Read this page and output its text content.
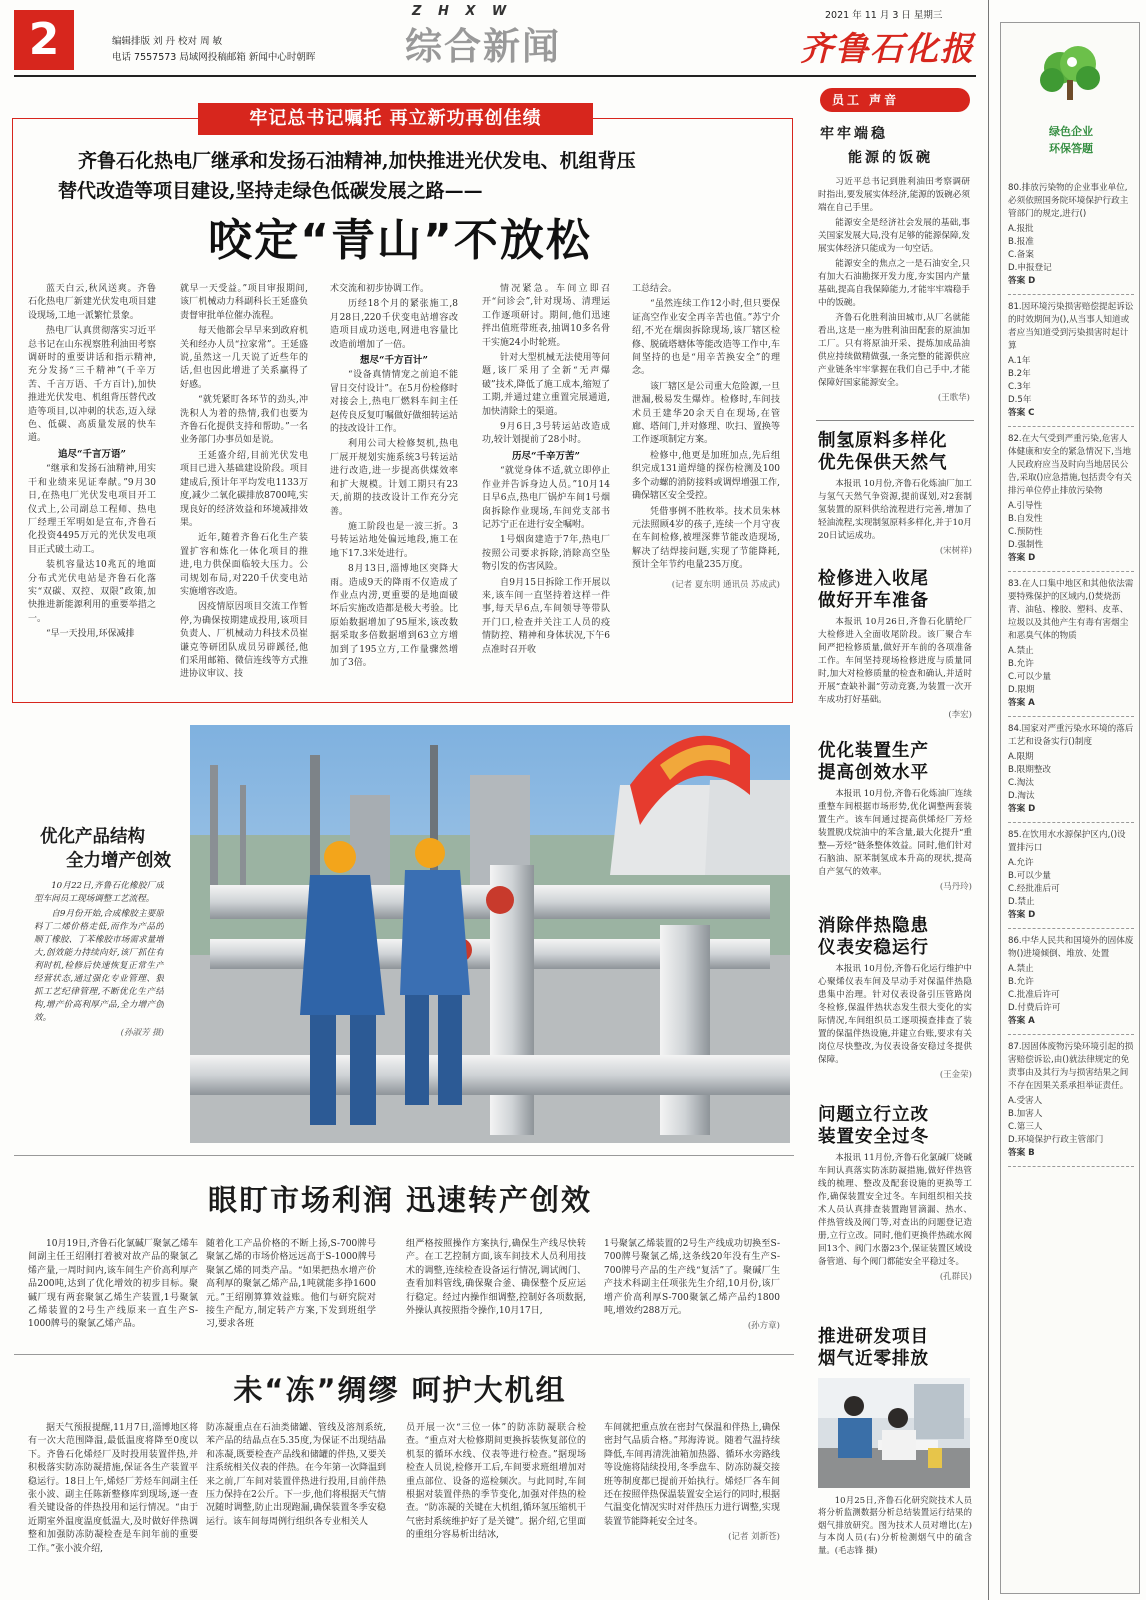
2	编辑排版 刘 丹 校对 周 敏
电话 7557573 局域网投稿邮箱 新闻中心时朝晖
Z H X W
综合新闻
2021 年 11 月 3 日 星期三
齐鲁石化报
牢记总书记嘱托 再立新功再创佳绩
齐鲁石化热电厂继承和发扬石油精神,加快推进光伏发电、机组背压
替代改造等项目建设,坚持走绿色低碳发展之路——
咬定“青山”不放松

蓝天白云,秋风送爽。齐鲁石化热电厂新建光伏发电项目建设现场,工地一派繁忙景象。

热电厂认真贯彻落实习近平总书记在山东视察胜利油田考察调研时的重要讲话和指示精神,充分发扬“三千精神”(千辛万苦、千言万语、千方百计),加快推进光伏发电、机组背压替代改造等项目,以冲刺的状态,迈入绿色、低碳、高质量发展的快车道。

追尽“千言万语”

“继承和发扬石油精神,用实干和业绩来见证奉献。”9月30日,在热电厂光伏发电项目开工仪式上,公司副总工程师、热电厂经理王军明如是宣布,齐鲁石化投资4495万元的光伏发电项目正式破土动工。

装机容量达10兆瓦的地面分布式光伏电站是齐鲁石化落实“双碳、双控、双限”政策,加快推进新能源利用的重要举措之一。

“早一天投用,环保减排

就早一天受益。”项目审报期间,该厂机械动力科副科长王延盛负责督审批单位催办流程。

每天他都会早早来到政府机关和经办人员“拉家常”。王延盛说,虽然这一几天说了近些年的话,但也因此增进了关系赢得了好感。

“就凭紧盯各环节的劲头,冲洗积人为着的热情,我们也要为齐鲁石化提供支持和帮助。”一名业务部门办事员如是说。

王延盛介绍,目前光伏发电项目已进入基础建设阶段。项目建成后,预计年平均发电1133万度,减少二氧化碳排放8700吨,实现良好的经济效益和环境减排效果。

近年,随着齐鲁石化生产装置扩容和炼化一体化项目的推进,电力供保面临较大压力。公司规划布局,对220千伏变电站实施增容改造。

因疫情原因项目交流工作暂停,为确保按期建成投用,该项目负责人、厂机械动力科技术员崔谦克等研团队成员另辟蹊径,他们采用邮箱、微信连线等方式推进协议审议、技

术交流和初步协调工作。

历经18个月的紧张施工,8月28日,220千伏变电站增容改造项目成功送电,网进电容量比改造前增加了一倍。

想尽“千方百计”

“设备真情情宠之前追不能冒日交付设计”。在5月份检修时对接会上,热电厂燃料车间主任赵传良反复叮嘱做好做细转运站的技改设计工作。

利用公司大检修契机,热电厂展开规划实施系统3号转运站进行改造,进一步提高供煤效率和扩大规模。计划工期只有23天,前期的技改设计工作充分完善。

施工阶段也是一波三折。3号转运站地处偏远地段,施工在地下17.3米处进行。

8月13日,淄博地区突降大雨。造成9天的降雨不仅造成了作业点内涝,更重要的是地面破坏后实施改造都是极大考验。比原始数据增加了95厘米,该改数据采取多倍数据增到63立方增加到了195立方,工作量骤然增加了3倍。

情况紧急。车间立即召开“问诊会”,针对现场、清理运工作逐项研讨。期间,他们迅速拌出值班带班表,抽调10多名骨干实施24小时轮班。

针对大型机械无法使用等问题,该厂采用了全新“无声爆破”技术,降低了施工成本,缩短了工期,并通过建立重置完展通道,加快清除土的渠道。

9月6日,3号转运站改造成功,较计划提前了28小时。

历尽“千辛万苦”

“就觉身体不适,就立即停止作业并告诉身边人员。”10月14日早6点,热电厂锅炉车间1号烟囱拆除作业现场,车间党支部书记苏宁正在进行安全嘱咐。

1号烟囱建造于7年,热电厂按照公司要求拆除,消除高空坠物引发的伤害风险。

自9月15日拆除工作开展以来,该车间一直坚持着这样一件事,每天早6点,车间领导等带队开门口,检查并关注工人员的疫情防控、精神和身体状况,下午6点准时召开收

工总结会。

“虽然连续工作12小时,但只要保证高空作业安全再辛苦也值。”苏宁介绍,不光在烟囱拆除现场,该厂辖区检修、脱硫塔塘体等能改造等工作中,车间坚持的也是“用辛苦换安全”的理念。

该厂辖区是公司重大危险源,一旦泄漏,极易发生爆炸。检修时,车间技术员王建华20余天自在现场,在管廊、塔间门,并对修理、吹扫、置换等工作逐项制定方案。

检修中,他更是加班加点,先后组织完成131道焊缝的探伤检测及100多个动螺的消防接料或调焊增强工作,确保辖区安全受控。

凭借事例不胜枚举。技术员朱林元法照顾4岁的孩子,连续一个月守夜在车间检修,被埋深葬节能改造现场,解决了结焊接问题,实现了节能降耗,预计全年节约电量235万度。

(记者 夏东明 通讯员 苏成武)

员工 声音
牢牢端稳
能源的饭碗

习近平总书记到胜利油田考察调研时指出,要发展实体经济,能源的饭碗必须端在自己手里。

能源安全是经济社会发展的基础,事关国家发展大局,没有足够的能源保障,发展实体经济只能成为一句空话。

能源安全的焦点之一是石油安全,只有加大石油勘探开发力度,夯实国内产量基础,提高自我保障能力,才能牢牢端稳手中的饭碗。

齐鲁石化胜利油田城市,从厂名就能看出,这是一座为胜利油田配套的原油加工厂。只有将原油开采、提炼加成品油供应持续做精做强,一条完整的能源供应产业链条牢牢掌握在我们自己手中,才能保障好国家能源安全。

(王歌华)

制氢原料多样化
优先保供天然气

本报讯 10月份,齐鲁石化炼油厂加工与氢气天然气争资源,提前谋划,对2套制氢装置的原料供给流程进行完善,增加了轻油流程,实现制氢原料多样化,并于10月20日试运成功。

(宋树祥)

检修进入收尾
做好开车准备

本报讯 10月26日,齐鲁石化腈纶厂大检修进入全面收尾阶段。该厂聚合车间严把检修质量,做好开车前的各项准备工作。车间坚持现场检修进度与质量同时,加大对检修质量的检查和确认,并适时开展“查缺补漏”劳动竞赛,为装置一次开车成功打好基础。

(李宏)

优化装置生产
提高创效水平

本报讯 10月份,齐鲁石化炼油厂连续重整车间根据市场形势,优化调整两套装置生产。该车间通过提高供烯烃厂芳烃装置脱戊烷油中的苯含量,最大化提升“重整—芳烃”链条整体效益。同时,他们针对石脑油、原苯制氢成本升高的现状,提高自产氢气的效率。

(马丹玲)

消除伴热隐患
仪表安稳运行

本报讯 10月份,齐鲁石化运行维护中心聚烯仪表车间及早动手对保温伴热隐患集中治理。针对仪表设备引压管路岗冬检修,保温伴热状态发生很大变化的实际情况,车间组织员工逐项摸查排查了装置的保温伴热设施,并建立台账,要求有关岗位尽快整改,为仪表设备安稳过冬提供保障。

(王金荣)

问题立行立改
装置安全过冬

本报讯 11月份,齐鲁石化氯碱厂烧碱车间认真落实防冻防凝措施,做好伴热管线的梳理、整改及配套设施的更换等工作,确保装置安全过冬。车间组织相关技术人员认真排查装置跑冒滴漏、热水、伴热管线及阀门等,对查出的问题登记造册,立行立改。同时,他们更换伴热疏水阀回13个、阀门水器23个,保证装置区域设备管道、每个阀门都能安全平稳过冬。

(孔群民)

推进研发项目
烟气近零排放

10月25日,齐鲁石化研究院技术人员将分析监测数据分析总结装置运行结果的烟气排放研究。图为技术人员对增比(左)与本岗人员(右)分析检测烟气中的硫含量。(毛志锋 摄)

优化产品结构
全力增产创效

10月22日,齐鲁石化橡胶厂成型车间员工现场调整工艺流程。

自9月份开始,合成橡胶主要原料丁二烯价格走低,而作为产品的顺丁橡胶、丁苯橡胶市场需求量增大,创效能力持续向好,该厂抓住有利时机,检修后快速恢复正常生产经营状态,通过强化专业管理、狠抓工艺纪律管理,不断优化生产结构,增产价高利厚产品,全力增产创效。

(孙淑芳 摄)

眼盯市场利润 迅速转产创效

10月19日,齐鲁石化氯碱厂聚氯乙烯车间副主任王绍刚打着被对故产品的聚氯乙烯产量,一周时间内,该车间生产价高利厚产品200吨,达到了优化增效的初步目标。聚碱厂现有两套聚氯乙烯生产装置,1号聚氯乙烯装置的2号生产线原来一直生产S-1000牌号的聚氯乙烯产品。

随着化工产品价格的不断上扬,S-700牌号聚氯乙烯的市场价格远远高于S-1000牌号聚氯乙烯的同类产品。“如果把热水增产价高利厚的聚氯乙烯产品,1吨就能多挣1600元。”王绍刚算算效益账。他们与研究院对接生产配方,制定转产方案,下发到班组学习,要求各班

组严格按照操作方案执行,确保生产线尽快转产。在工艺控制方面,该车间技术人员利用技术的调整,连续检查设备运行情况,调试阀门、查看加料管线,确保聚合釜、确保整个反应运行稳定。经过内操作细调整,控制好各项数据,外操认真按照指令操作,10月17日,

1号聚氯乙烯装置的2号生产线成功切换至S-700牌号聚氯乙烯,这条线20年没有生产S-700牌号产品的生产线“复活”了。聚碱厂生产技术科副主任项张先生介绍,10月份,该厂增产价高利厚S-700聚氯乙烯产品约1800吨,增效约288万元。

(孙方章)

未“冻”绸缪 呵护大机组

据天气预报提醒,11月7日,淄博地区将有一次大范围降温,最低温度将降至0度以下。齐鲁石化烯烃厂及时投用装置伴热,并积极落实防冻防凝措施,保证各生产装置平稳运行。18日上午,烯烃厂芳烃车间副主任张小波、副主任陈新整修库到现场,逐一查看关键设备的伴热投用和运行情况。“由于近期室外温度温度低温大,及时做好伴热调整和加强防冻防凝检查是车间年前的重要工作。”张小波介绍,

防冻凝重点在石油类储罐、管线及溶剂系统,苯产品的结晶点在5.35度,为保证不出现结晶和冻凝,既要检查产品线和储罐的伴热,又要关注系统相关仪表的伴热。在今年第一次降温到来之前,厂车间对装置伴热进行投用,目前伴热压力保持在2公斤。下一步,他们将根据天气情况随时调整,防止出现跑漏,确保装置冬季安稳运行。该车间每周例行组织各专业相关人

员开展一次“三位一体”的防冻防凝联合检查。“重点对大检修期间更换拆装恢复部位的机泵的循环水线、仪表等进行检查。”据现场检查人员说,检修开工后,车间要求班组增加对重点部位、设备的巡检频次。与此同时,车间根据对装置伴热的季节变化,加强对伴热的检查。“防冻凝的关键在大机组,循环氢压缩机干气密封系统维护好了是关键”。据介绍,它里面的重组分容易析出结冰,

车间就把重点放在密封气保温和伴热上,确保密封气品质合格。”邦海涛说。随着气温持续降低,车间再清洗油箱加热器、循环水旁路线等设施将陆续投用,冬季盘车、防冻防凝交接班等制度都已提前开始执行。烯烃厂各车间还在按照伴热保温装置安全运行的同时,根据气温变化情况实时对伴热压力进行调整,实现装置节能降耗安全过冬。

(记者 刘新苍)

绿色企业
环保答题
80.排放污染物的企业事业单位,必须依照国务院环境保护行政主管部门的规定,进行()
A.报批
B.报准
C.备案
D.申报登记
答案 D
81.因环境污染损害赔偿提起诉讼的时效期间为(),从当事人知道或者应当知道受到污染损害时起计算
A.1年
B.2年
C.3年
D.5年
答案 C
82.在大气受到严重污染,危害人体健康和安全的紧急情况下,当地人民政府应当及时向当地居民公告,采取()应急措施,包括责令有关排污单位停止排放污染物
A.引导性
B.自发性
C.预防性
D.强制性
答案 D
83.在人口集中地区和其他依法需要特殊保护的区域内,()焚烧沥青、油毡、橡胶、塑料、皮革、垃圾以及其他产生有毒有害烟尘和恶臭气体的物质
A.禁止
B.允许
C.可以少量
D.限期
答案 A
84.国家对严重污染水环境的落后工艺和设备实行()制度
A.限期
B.限期整改
C.淘汰
D.淘汰
答案 D
85.在饮用水水源保护区内,()设置排污口
A.允许
B.可以少量
C.经批准后可
D.禁止
答案 D
86.中华人民共和国境外的固体废物()进境倾倒、堆放、处置
A.禁止
B.允许
C.批准后许可
D.付费后许可
答案 A
87.因固体废物污染环境引起的损害赔偿诉讼,由()就法律规定的免责事由及其行为与损害结果之间不存在因果关系承担举证责任。
A.受害人
B.加害人
C.第三人
D.环境保护行政主管部门
答案 B
